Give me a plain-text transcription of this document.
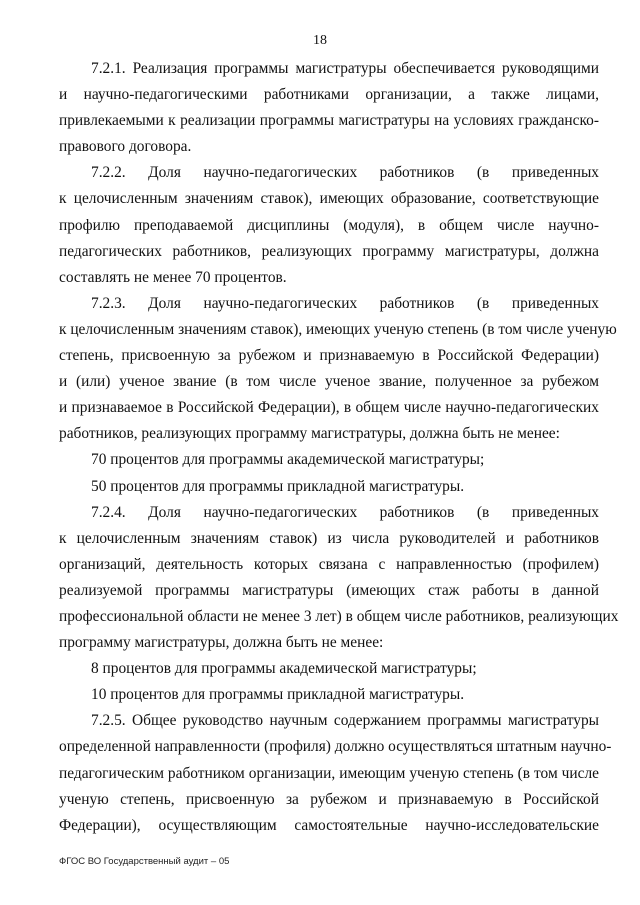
18

7.2.1. Реализация программы магистратуры обеспечивается руководящими
и научно-педагогическими работниками организации, а также лицами,
привлекаемыми к реализации программы магистратуры на условиях гражданско-
правового договора.

7.2.2. Доля научно-педагогических работников (в приведенных
к целочисленным значениям ставок), имеющих образование, соответствующие
профилю преподаваемой дисциплины (модуля), в общем числе научно-
педагогических работников, реализующих программу магистратуры, должна
составлять не менее 70 процентов.

7.2.3. Доля научно-педагогических работников (в приведенных
к целочисленным значениям ставок), имеющих ученую степень (в том числе ученую
степень, присвоенную за рубежом и признаваемую в Российской Федерации)
и (или) ученое звание (в том числе ученое звание, полученное за рубежом
и признаваемое в Российской Федерации), в общем числе научно-педагогических
работников, реализующих программу магистратуры, должна быть не менее:

70 процентов для программы академической магистратуры;

50 процентов для программы прикладной магистратуры.

7.2.4. Доля научно-педагогических работников (в приведенных
к целочисленным значениям ставок) из числа руководителей и работников
организаций, деятельность которых связана с направленностью (профилем)
реализуемой программы магистратуры (имеющих стаж работы в данной
профессиональной области не менее 3 лет) в общем числе работников, реализующих
программу магистратуры, должна быть не менее:

8 процентов для программы академической магистратуры;

10 процентов для программы прикладной магистратуры.

7.2.5. Общее руководство научным содержанием программы магистратуры
определенной направленности (профиля) должно осуществляться штатным научно-
педагогическим работником организации, имеющим ученую степень (в том числе
ученую степень, присвоенную за рубежом и признаваемую в Российской
Федерации), осуществляющим самостоятельные научно-исследовательские

ФГОС ВО Государственный аудит – 05
